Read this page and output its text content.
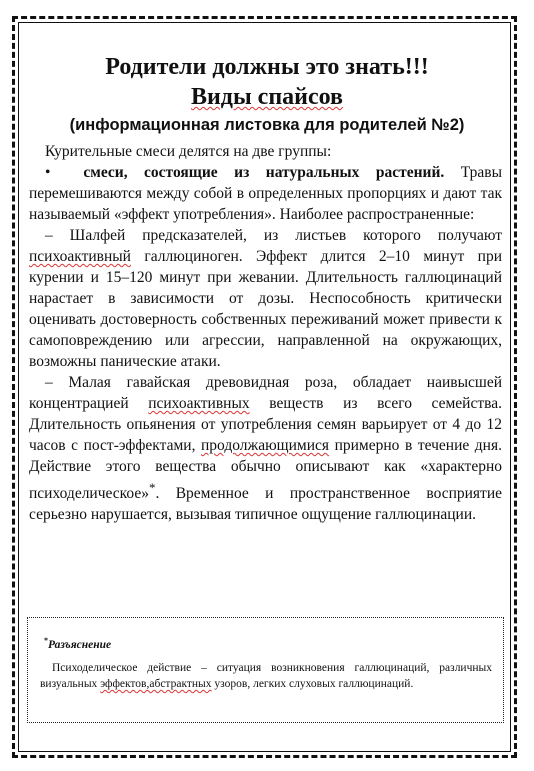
Родители должны это знать!!!
Виды спайсов
(информационная листовка для родителей №2)

Курительные смеси делятся на две группы:

• смеси, состоящие из натуральных растений. Травы перемешиваются между собой в определенных пропорциях и дают так называемый «эффект употребления». Наиболее распространенные:

– Шалфей предсказателей, из листьев которого получают психоактивный галлюциноген. Эффект длится 2–10 минут при курении и 15–120 минут при жевании. Длительность галлюцинаций нарастает в зависимости от дозы. Неспособность критически оценивать достоверность собственных переживаний может привести к самоповреждению или агрессии, направленной на окружающих, возможны панические атаки.

– Малая гавайская древовидная роза, обладает наивысшей концентрацией психоактивных веществ из всего семейства. Длительность опьянения от употребления семян варьирует от 4 до 12 часов с пост-эффектами, продолжающимися примерно в течение дня. Действие этого вещества обычно описывают как «характерно психоделическое»*. Временное и пространственное восприятие серьезно нарушается, вызывая типичное ощущение галлюцинации.

*Разъяснение
Психоделическое действие – ситуация возникновения галлюцинаций, различных визуальных эффектов,абстрактных узоров, легких слуховых галлюцинаций.
